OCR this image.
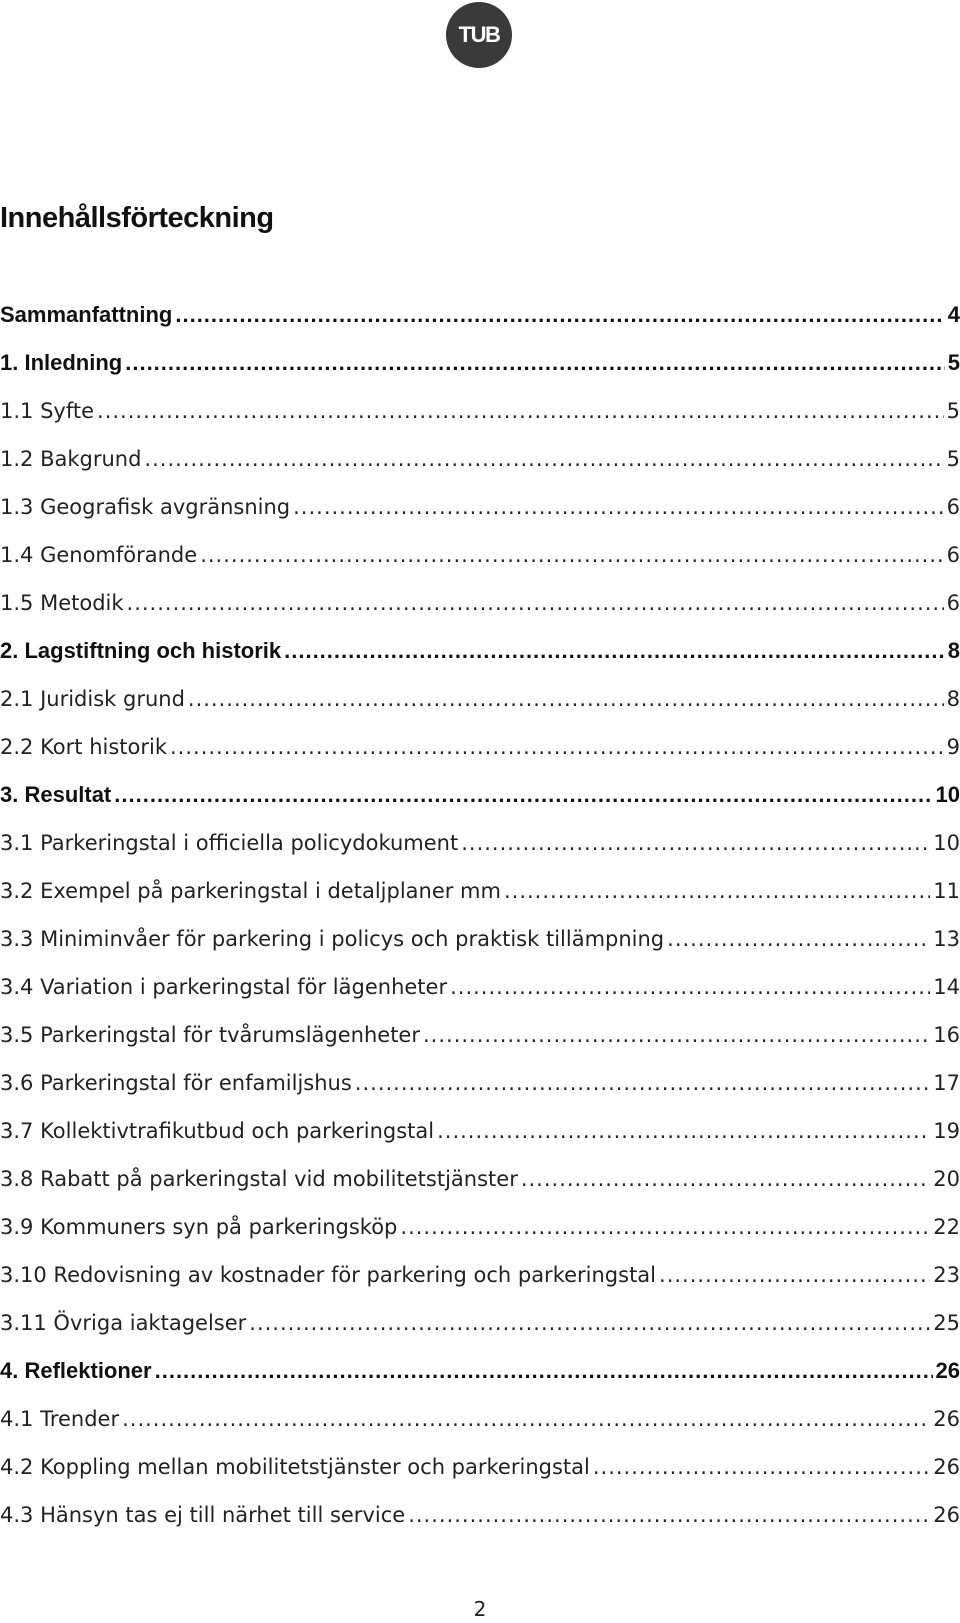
TUB
Innehållsförteckning
Sammanfattning .....	4
1. Inledning .....	5
1.1 Syfte .....	5
1.2 Bakgrund .....	5
1.3 Geografisk avgränsning .....	6
1.4 Genomförande .....	6
1.5 Metodik .....	6
2. Lagstiftning och historik .....	8
2.1 Juridisk grund .....	8
2.2 Kort historik .....	9
3. Resultat .....	10
3.1 Parkeringstal i officiella policydokument .....	10
3.2 Exempel på parkeringstal i detaljplaner mm .....	11
3.3 Miniminvåer för parkering i policys och praktisk tillämpning .....	13
3.4 Variation i parkeringstal för lägenheter .....	14
3.5 Parkeringstal för tvårumslägenheter .....	16
3.6 Parkeringstal för enfamiljshus .....	17
3.7 Kollektivtrafikutbud och parkeringstal .....	19
3.8 Rabatt på parkeringstal vid mobilitetstjänster .....	20
3.9 Kommuners syn på parkeringsköp .....	22
3.10 Redovisning av kostnader för parkering och parkeringstal .....	23
3.11 Övriga iaktagelser .....	25
4. Reflektioner .....	26
4.1 Trender .....	26
4.2 Koppling mellan mobilitetstjänster och parkeringstal .....	26
4.3 Hänsyn tas ej till närhet till service .....	26
2
